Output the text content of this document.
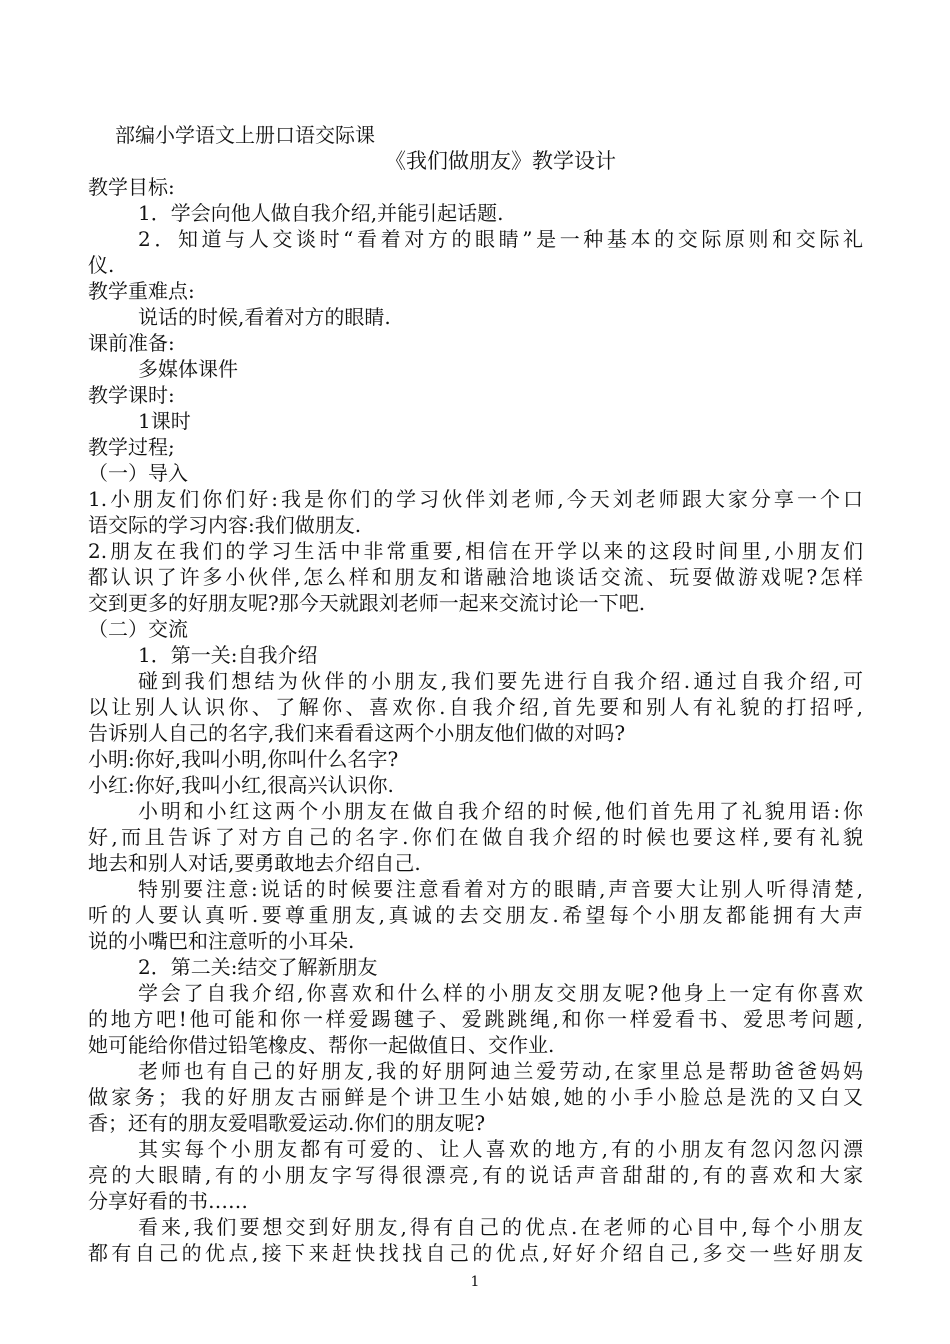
部编小学语文上册口语交际课
《我们做朋友》教学设计
教学目标:
1．学会向他人做自我介绍,并能引起话题.
2．知道与人交谈时“看着对方的眼睛”是一种基本的交际原则和交际礼
仪.
教学重难点:
说话的时候,看着对方的眼睛.
课前准备:
多媒体课件
教学课时:
1课时
教学过程;
（一）导入
1.小朋友们你们好:我是你们的学习伙伴刘老师,今天刘老师跟大家分享一个口
语交际的学习内容:我们做朋友.
2.朋友在我们的学习生活中非常重要,相信在开学以来的这段时间里,小朋友们
都认识了许多小伙伴,怎么样和朋友和谐融洽地谈话交流、玩耍做游戏呢?怎样
交到更多的好朋友呢?那今天就跟刘老师一起来交流讨论一下吧.
（二）交流
1．第一关:自我介绍
碰到我们想结为伙伴的小朋友,我们要先进行自我介绍.通过自我介绍,可
以让别人认识你、了解你、喜欢你.自我介绍,首先要和别人有礼貌的打招呼,
告诉别人自己的名字,我们来看看这两个小朋友他们做的对吗?
小明:你好,我叫小明,你叫什么名字?
小红:你好,我叫小红,很高兴认识你.
小明和小红这两个小朋友在做自我介绍的时候,他们首先用了礼貌用语:你
好,而且告诉了对方自己的名字.你们在做自我介绍的时候也要这样,要有礼貌
地去和别人对话,要勇敢地去介绍自己.
特别要注意:说话的时候要注意看着对方的眼睛,声音要大让别人听得清楚,
听的人要认真听.要尊重朋友,真诚的去交朋友.希望每个小朋友都能拥有大声
说的小嘴巴和注意听的小耳朵.
2．第二关:结交了解新朋友
学会了自我介绍,你喜欢和什么样的小朋友交朋友呢?他身上一定有你喜欢
的地方吧!他可能和你一样爱踢毽子、爱跳跳绳,和你一样爱看书、爱思考问题,
她可能给你借过铅笔橡皮、帮你一起做值日、交作业.
老师也有自己的好朋友,我的好朋阿迪兰爱劳动,在家里总是帮助爸爸妈妈
做家务；我的好朋友古丽鲜是个讲卫生小姑娘,她的小手小脸总是洗的又白又
香；还有的朋友爱唱歌爱运动.你们的朋友呢?
其实每个小朋友都有可爱的、让人喜欢的地方,有的小朋友有忽闪忽闪漂
亮的大眼睛,有的小朋友字写得很漂亮,有的说话声音甜甜的,有的喜欢和大家
分享好看的书……
看来,我们要想交到好朋友,得有自己的优点.在老师的心目中,每个小朋友
都有自己的优点,接下来赶快找找自己的优点,好好介绍自己,多交一些好朋友
1
